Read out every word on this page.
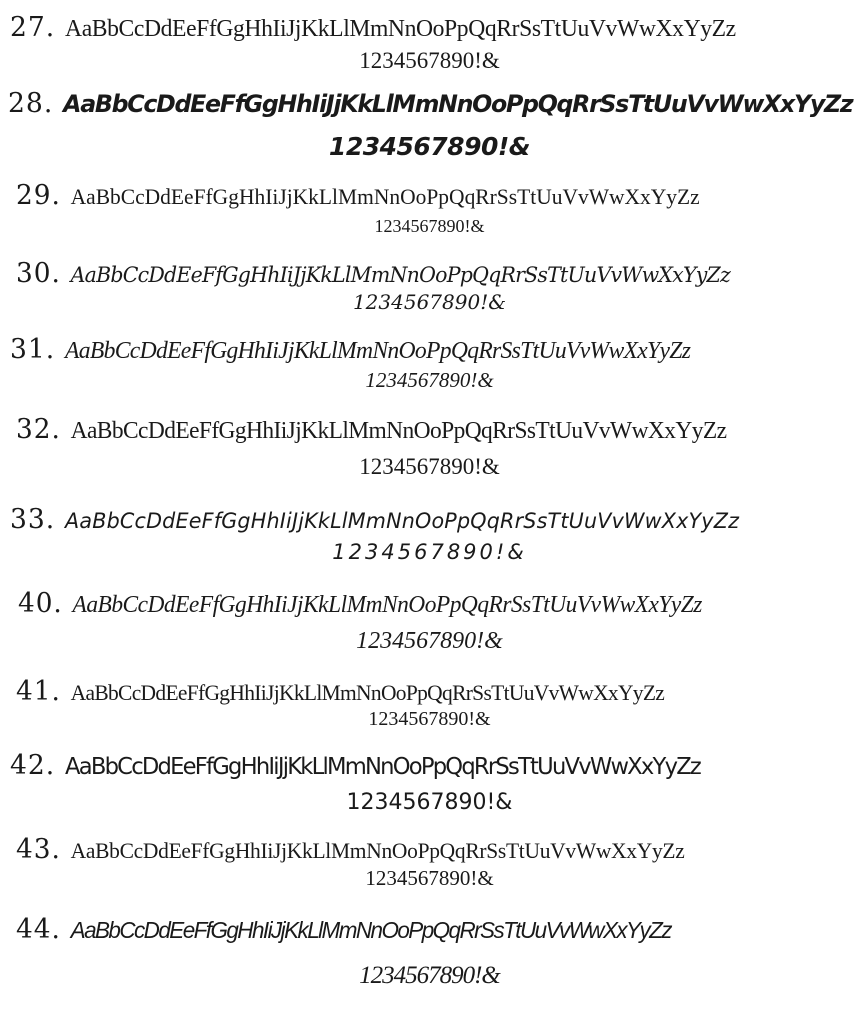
27. AaBbCcDdEeFfGgHhIiJjKkLlMmNnOoPpQqRrSsTtUuVvWwXxYyZz
1234567890!&
28. AaBbCcDdEeFfGgHhIiJjKkLlMmNnOoPpQqRrSsTtUuVvWwXxYyZz
1234567890!&
29. AaBbCcDdEeFfGgHhIiJjKkLlMmNnOoPpQqRrSsTtUuVvWwXxYyZz
1234567890!&
30. AaBbCcDdEeFfGgHhIiJjKkLlMmNnOoPpQqRrSsTtUuVvWwXxYyZz
1234567890!&
31. AaBbCcDdEeFfGgHhIiJjKkLlMmNnOoPpQqRrSsTtUuVvWwXxYyZz
1234567890!&
32. AaBbCcDdEeFfGgHhIiJjKkLlMmNnOoPpQqRrSsTtUuVvWwXxYyZz
1234567890!&
33. AaBbCcDdEeFfGgHhIiJjKkLlMmNnOoPpQqRrSsTtUuVvWwXxYyZz
1234567890!&
40. AaBbCcDdEeFfGgHhIiJjKkLlMmNnOoPpQqRrSsTtUuVvWwXxYyZz
1234567890!&
41. AaBbCcDdEeFfGgHhIiJjKkLlMmNnOoPpQqRrSsTtUuVvWwXxYyZz
1234567890!&
42. AaBbCcDdEeFfGgHhIiJjKkLlMmNnOoPpQqRrSsTtUuVvWwXxYyZz
1234567890!&
43. AaBbCcDdEeFfGgHhIiJjKkLlMmNnOoPpQqRrSsTtUuVvWwXxYyZz
1234567890!&
44. AaBbCcDdEeFfGgHhIiJjKkLlMmNnOoPpQqRrSsTtUuVvWwXxYyZz
1234567890!&
